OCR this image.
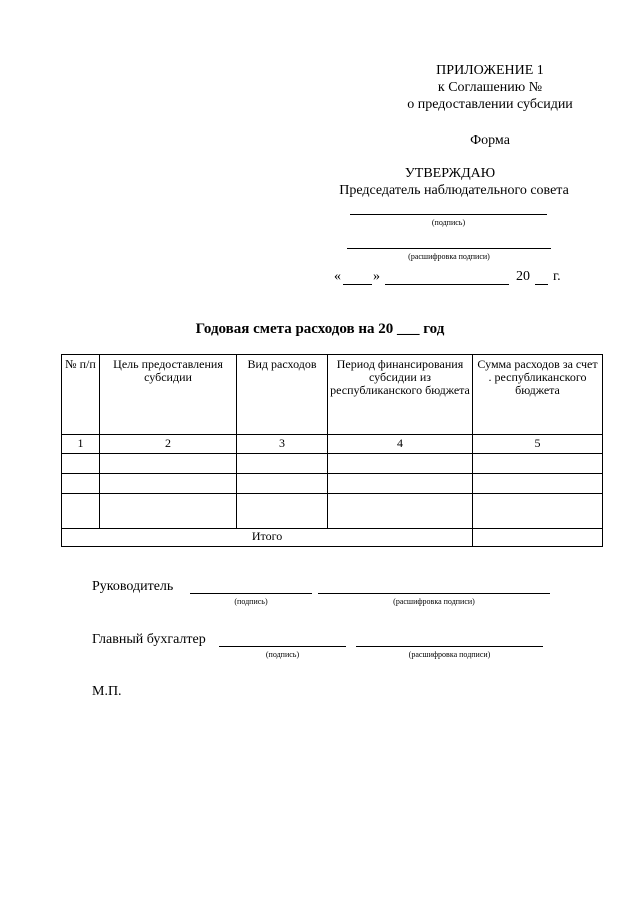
ПРИЛОЖЕНИЕ 1
к Соглашению №
о предоставлении субсидии
Форма
УТВЕРЖДАЮ
Председатель наблюдательного совета
(подпись)
(расшифровка подписи)
« »	20 г.
Годовая смета расходов на 20 ___ год
№ п/п	Цель предоставления субсидии	Вид расходов	Период финансирования субсидии из республиканского бюджета	Сумма расходов за счет . республиканского бюджета
1	2	3	4	5

Итого				
Руководитель
(подпись)	(расшифровка подписи)
Главный бухгалтер
(подпись)	(расшифровка подписи)
М.П.
